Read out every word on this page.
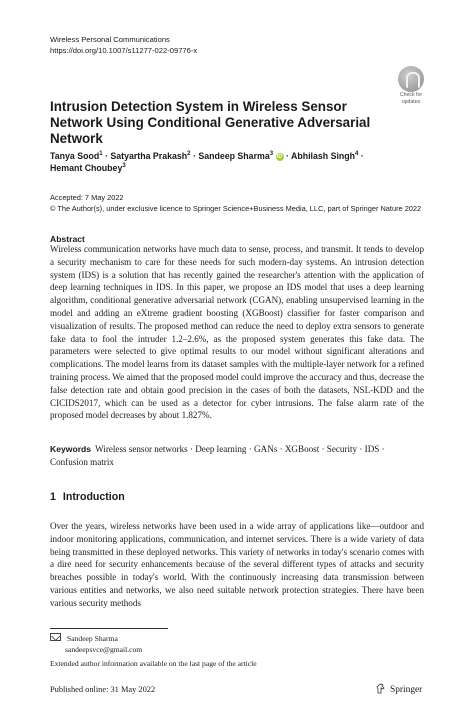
Wireless Personal Communications
https://doi.org/10.1007/s11277-022-09776-x
Check for
updates
Intrusion Detection System in Wireless Sensor Network Using Conditional Generative Adversarial Network
Tanya Sood$^1$ · Satyartha Prakash$^2$ · Sandeep Sharma$^3$ iD · Abhilash Singh$^4$ ·
Hemant Choubey$^3$
Accepted: 7 May 2022
© The Author(s), under exclusive licence to Springer Science+Business Media, LLC, part of Springer Nature 2022
Abstract
Wireless communication networks have much data to sense, process, and transmit. It tends to develop a security mechanism to care for these needs for such modern-day systems. An intrusion detection system (IDS) is a solution that has recently gained the researcher's attention with the application of deep learning techniques in IDS. In this paper, we propose an IDS model that uses a deep learning algorithm, conditional generative adversarial network (CGAN), enabling unsupervised learning in the model and adding an eXtreme gradient boosting (XGBoost) classifier for faster comparison and visualization of results. The proposed method can reduce the need to deploy extra sensors to generate fake data to fool the intruder 1.2–2.6%, as the proposed system generates this fake data. The parameters were selected to give optimal results to our model without significant alterations and complications. The model learns from its dataset samples with the multiple-layer network for a refined training process. We aimed that the proposed model could improve the accuracy and thus, decrease the false detection rate and obtain good precision in the cases of both the datasets, NSL-KDD and the CICIDS2017, which can be used as a detector for cyber intrusions. The false alarm rate of the proposed model decreases by about 1.827%.
Keywords Wireless sensor networks · Deep learning · GANs · XGBoost · Security · IDS · Confusion matrix
1 Introduction
Over the years, wireless networks have been used in a wide array of applications like—outdoor and indoor monitoring applications, communication, and internet services. There is a wide variety of data being transmitted in these deployed networks. This variety of networks in today's scenario comes with a dire need for security enhancements because of the several different types of attacks and security breaches possible in today's world. With the continuously increasing data transmission between various entities and networks, we also need suitable network protection strategies. There have been various security methods
Sandeep Sharma
sandeepsvce@gmail.com
Extended author information available on the last page of the article
Published online: 31 May 2022	Springer
